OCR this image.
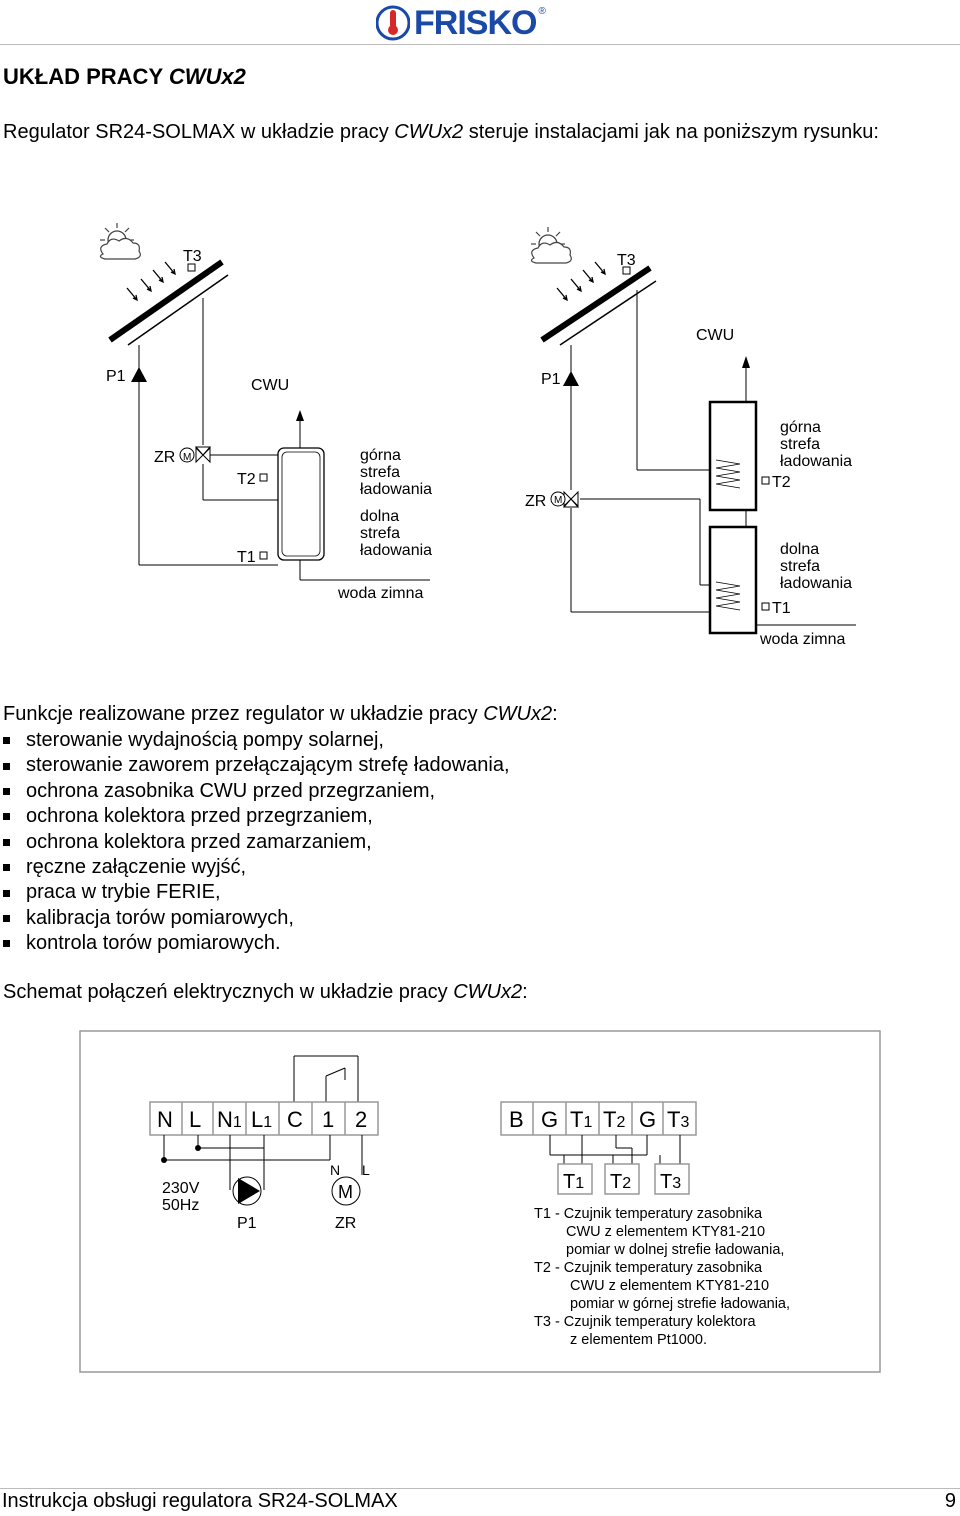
FRISKO ®
UKŁAD PRACY CWUx2
Regulator SR24-SOLMAX w układzie pracy CWUx2 steruje instalacjami jak na poniższym rysunku:
T3
P1
CWU
M
ZR
T2
T1
górna strefa ładowania
dolna strefa ładowania
woda zimna
T3
CWU
P1
M
ZR
T2
górna strefa ładowania
T1
dolna strefa ładowania
woda zimna
Funkcje realizowane przez regulator w układzie pracy CWUx2:
sterowanie wydajnością pompy solarnej,
sterowanie zaworem przełączającym strefę ładowania,
ochrona zasobnika CWU przed przegrzaniem,
ochrona kolektora przed przegrzaniem,
ochrona kolektora przed zamarzaniem,
ręczne załączenie wyjść,
praca w trybie FERIE,
kalibracja torów pomiarowych,
kontrola torów pomiarowych.
Schemat połączeń elektrycznych w układzie pracy CWUx2:
N L N1 L1 C 1 2
230V 50Hz
P1
N L
M
ZR
B G T1 T2 G T3
T1 T2 T3
T1 - Czujnik temperatury zasobnika CWU z elementem KTY81-210 pomiar w dolnej strefie ładowania, T2 - Czujnik temperatury zasobnika CWU z elementem KTY81-210 pomiar w górnej strefie ładowania, T3 - Czujnik temperatury kolektora z elementem Pt1000.
Instrukcja obsługi regulatora SR24-SOLMAX	9
